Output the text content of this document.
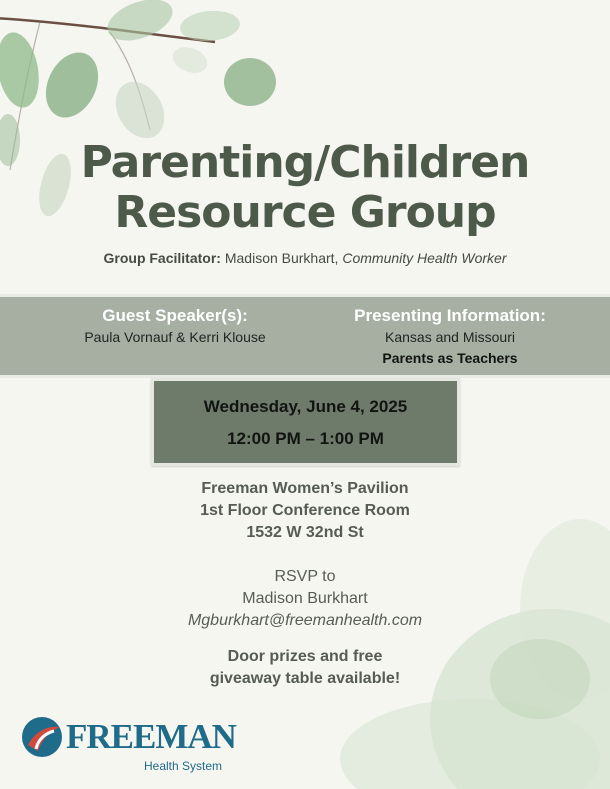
Parenting/Children
Resource Group
Group Facilitator: Madison Burkhart, Community Health Worker
Guest Speaker(s):
Paula Vornauf & Kerri Klouse
Presenting Information:
Kansas and Missouri
Parents as Teachers
Wednesday, June 4, 2025
12:00 PM – 1:00 PM
Freeman Women’s Pavilion
1st Floor Conference Room
1532 W 32nd St
RSVP to
Madison Burkhart
Mgburkhart@freemanhealth.com
Door prizes and free
giveaway table available!
FREEMAN
Health System
